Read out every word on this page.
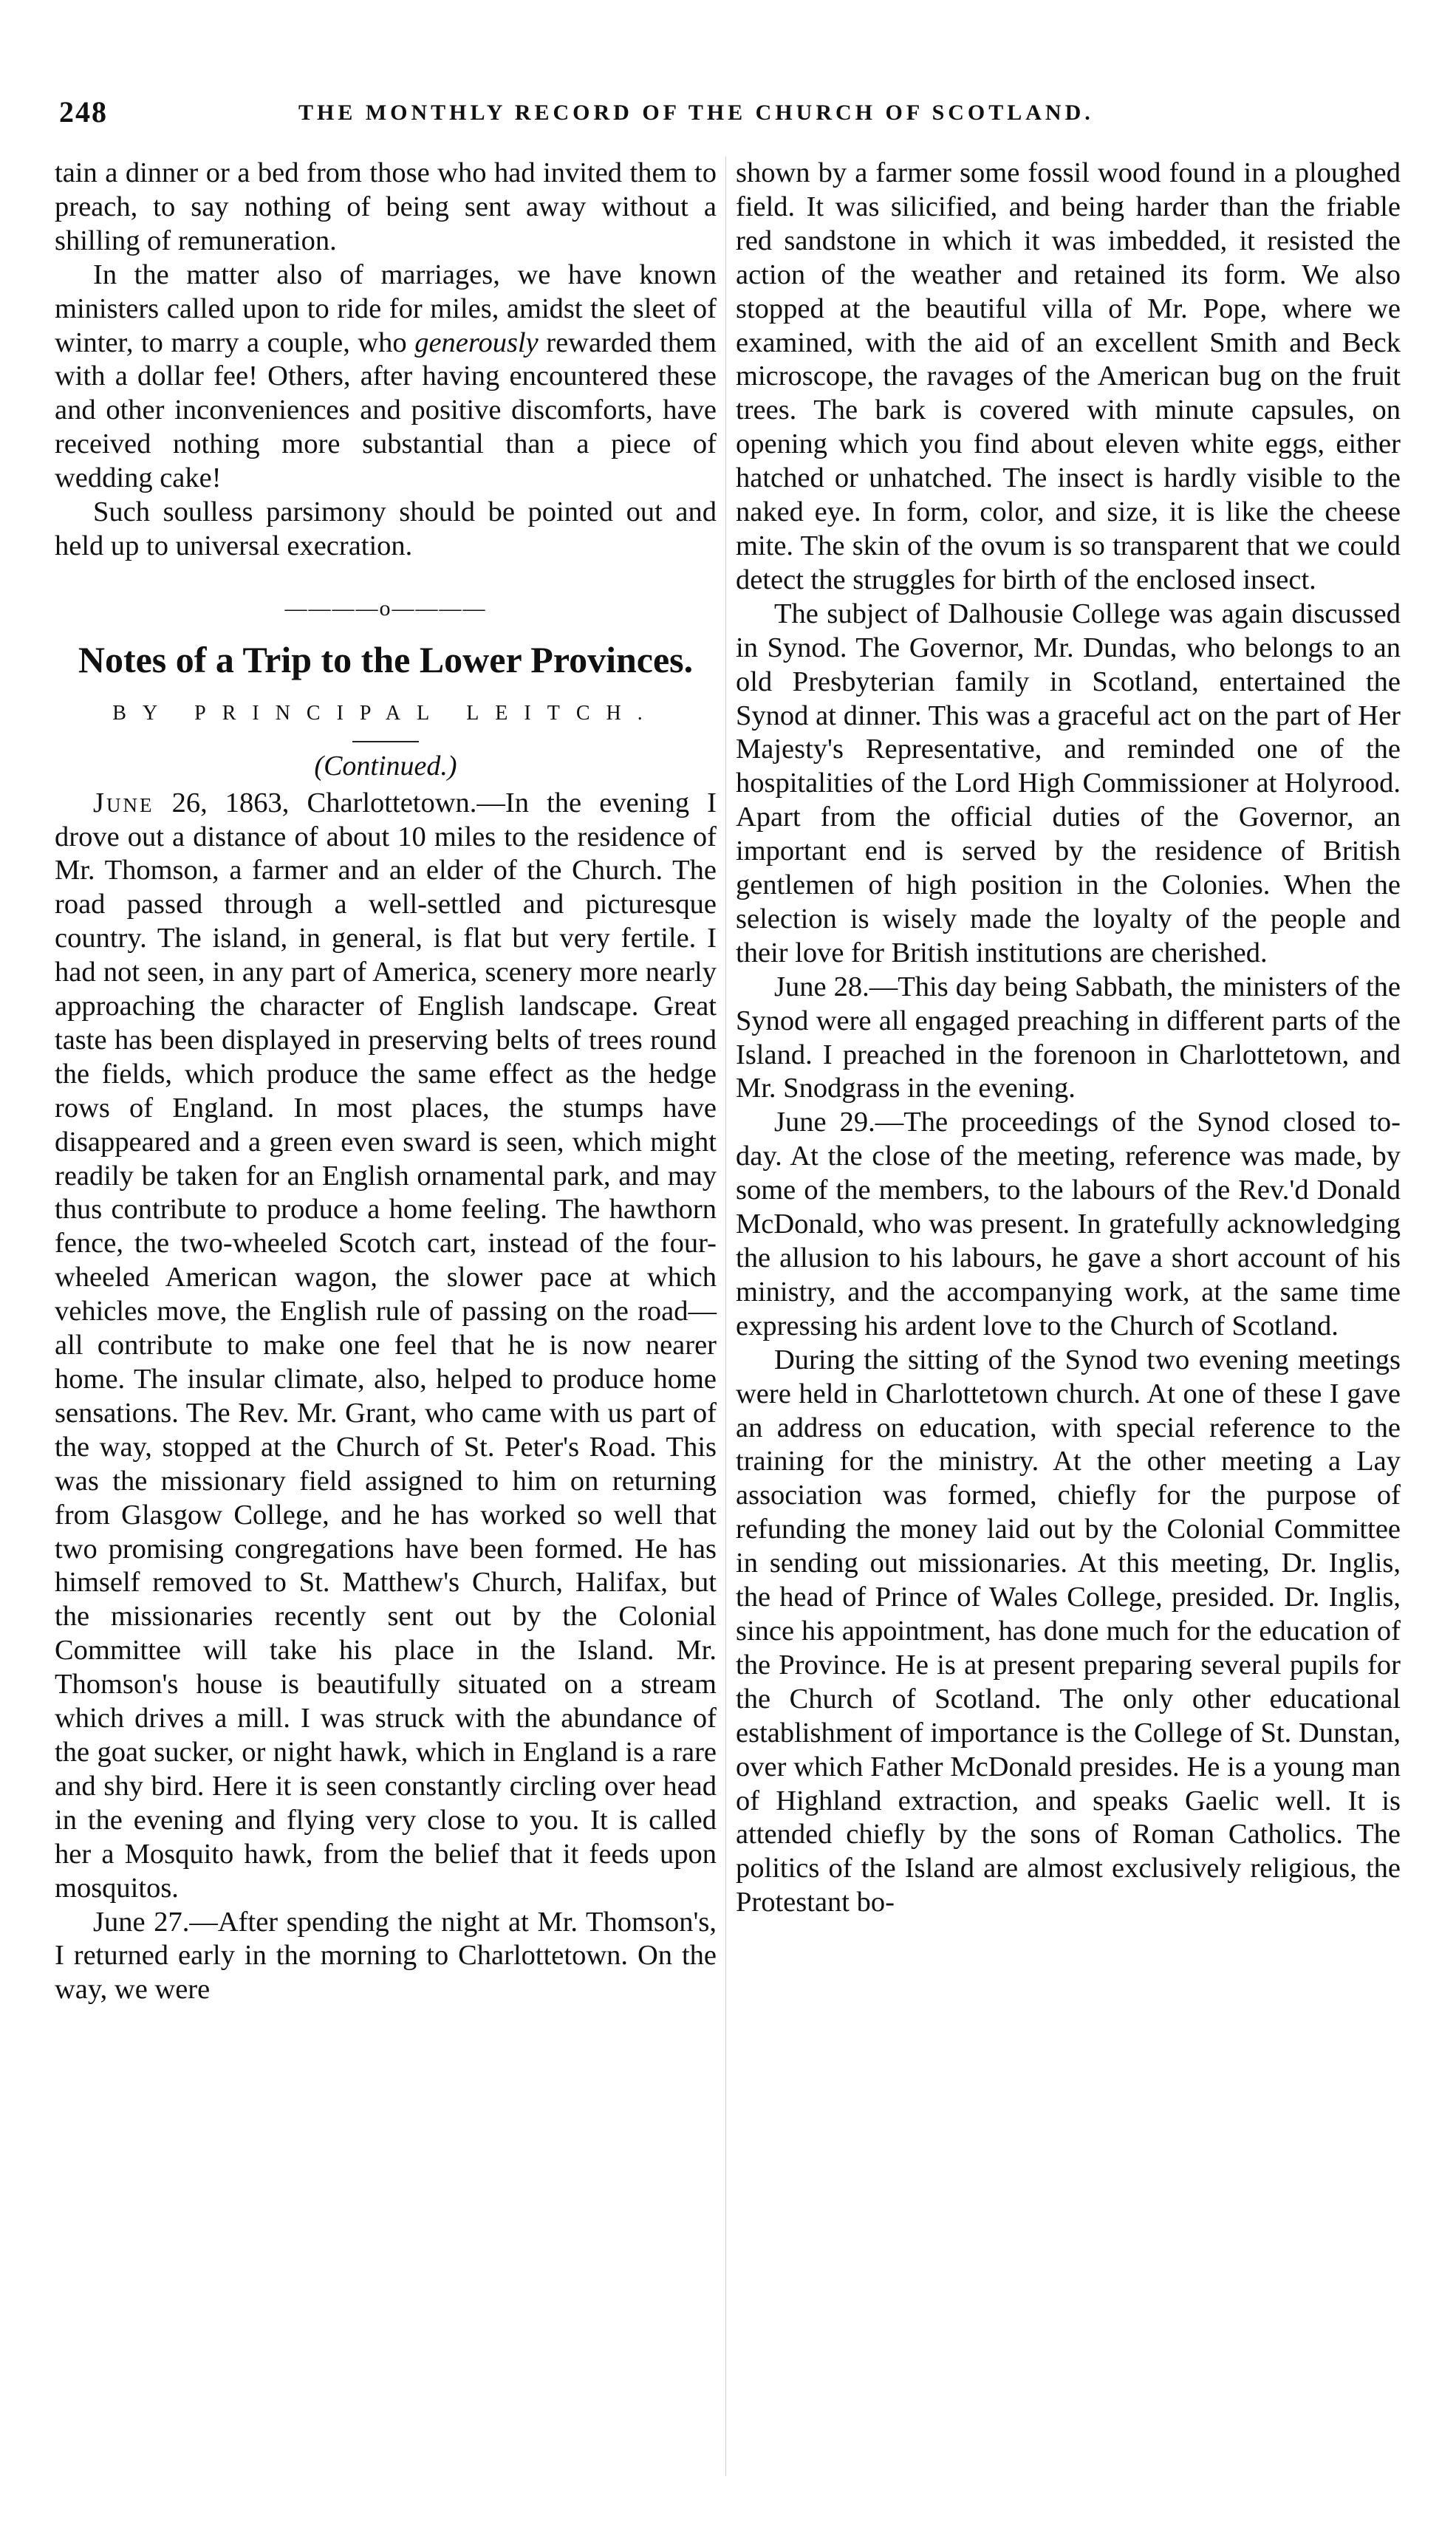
248	THE MONTHLY RECORD OF THE CHURCH OF SCOTLAND.

tain a dinner or a bed from those who had invited them to preach, to say nothing of being sent away without a shilling of remuneration.

In the matter also of marriages, we have known ministers called upon to ride for miles, amidst the sleet of winter, to marry a couple, who generously rewarded them with a dollar fee! Others, after having encountered these and other inconveniences and positive discomforts, have received nothing more substantial than a piece of wedding cake!

Such soulless parsimony should be pointed out and held up to universal execration.

————o————
Notes of a Trip to the Lower Provinces.
BY PRINCIPAL LEITCH.
(Continued.)

June 26, 1863, Charlottetown.—In the evening I drove out a distance of about 10 miles to the residence of Mr. Thomson, a farmer and an elder of the Church. The road passed through a well-settled and picturesque country. The island, in general, is flat but very fertile. I had not seen, in any part of America, scenery more nearly approaching the character of English landscape. Great taste has been displayed in preserving belts of trees round the fields, which produce the same effect as the hedge rows of England. In most places, the stumps have disappeared and a green even sward is seen, which might readily be taken for an English ornamental park, and may thus contribute to produce a home feeling. The hawthorn fence, the two-wheeled Scotch cart, instead of the four-wheeled American wagon, the slower pace at which vehicles move, the English rule of passing on the road—all contribute to make one feel that he is now nearer home. The insular climate, also, helped to produce home sensations. The Rev. Mr. Grant, who came with us part of the way, stopped at the Church of St. Peter's Road. This was the missionary field assigned to him on returning from Glasgow College, and he has worked so well that two promising congregations have been formed. He has himself removed to St. Matthew's Church, Halifax, but the missionaries recently sent out by the Colonial Committee will take his place in the Island. Mr. Thomson's house is beautifully situated on a stream which drives a mill. I was struck with the abundance of the goat sucker, or night hawk, which in England is a rare and shy bird. Here it is seen constantly circling over head in the evening and flying very close to you. It is called her a Mosquito hawk, from the belief that it feeds upon mosquitos.

June 27.—After spending the night at Mr. Thomson's, I returned early in the morning to Charlottetown. On the way, we were

shown by a farmer some fossil wood found in a ploughed field. It was silicified, and being harder than the friable red sandstone in which it was imbedded, it resisted the action of the weather and retained its form. We also stopped at the beautiful villa of Mr. Pope, where we examined, with the aid of an excellent Smith and Beck microscope, the ravages of the American bug on the fruit trees. The bark is covered with minute capsules, on opening which you find about eleven white eggs, either hatched or unhatched. The insect is hardly visible to the naked eye. In form, color, and size, it is like the cheese mite. The skin of the ovum is so transparent that we could detect the struggles for birth of the enclosed insect.

The subject of Dalhousie College was again discussed in Synod. The Governor, Mr. Dundas, who belongs to an old Presbyterian family in Scotland, entertained the Synod at dinner. This was a graceful act on the part of Her Majesty's Representative, and reminded one of the hospitalities of the Lord High Commissioner at Holyrood. Apart from the official duties of the Governor, an important end is served by the residence of British gentlemen of high position in the Colonies. When the selection is wisely made the loyalty of the people and their love for British institutions are cherished.

June 28.—This day being Sabbath, the ministers of the Synod were all engaged preaching in different parts of the Island. I preached in the forenoon in Charlottetown, and Mr. Snodgrass in the evening.

June 29.—The proceedings of the Synod closed to-day. At the close of the meeting, reference was made, by some of the members, to the labours of the Rev.'d Donald McDonald, who was present. In gratefully acknowledging the allusion to his labours, he gave a short account of his ministry, and the accompanying work, at the same time expressing his ardent love to the Church of Scotland.

During the sitting of the Synod two evening meetings were held in Charlottetown church. At one of these I gave an address on education, with special reference to the training for the ministry. At the other meeting a Lay association was formed, chiefly for the purpose of refunding the money laid out by the Colonial Committee in sending out missionaries. At this meeting, Dr. Inglis, the head of Prince of Wales College, presided. Dr. Inglis, since his appointment, has done much for the education of the Province. He is at present preparing several pupils for the Church of Scotland. The only other educational establishment of importance is the College of St. Dunstan, over which Father McDonald presides. He is a young man of Highland extraction, and speaks Gaelic well. It is attended chiefly by the sons of Roman Catholics. The politics of the Island are almost exclusively religious, the Protestant bo-
